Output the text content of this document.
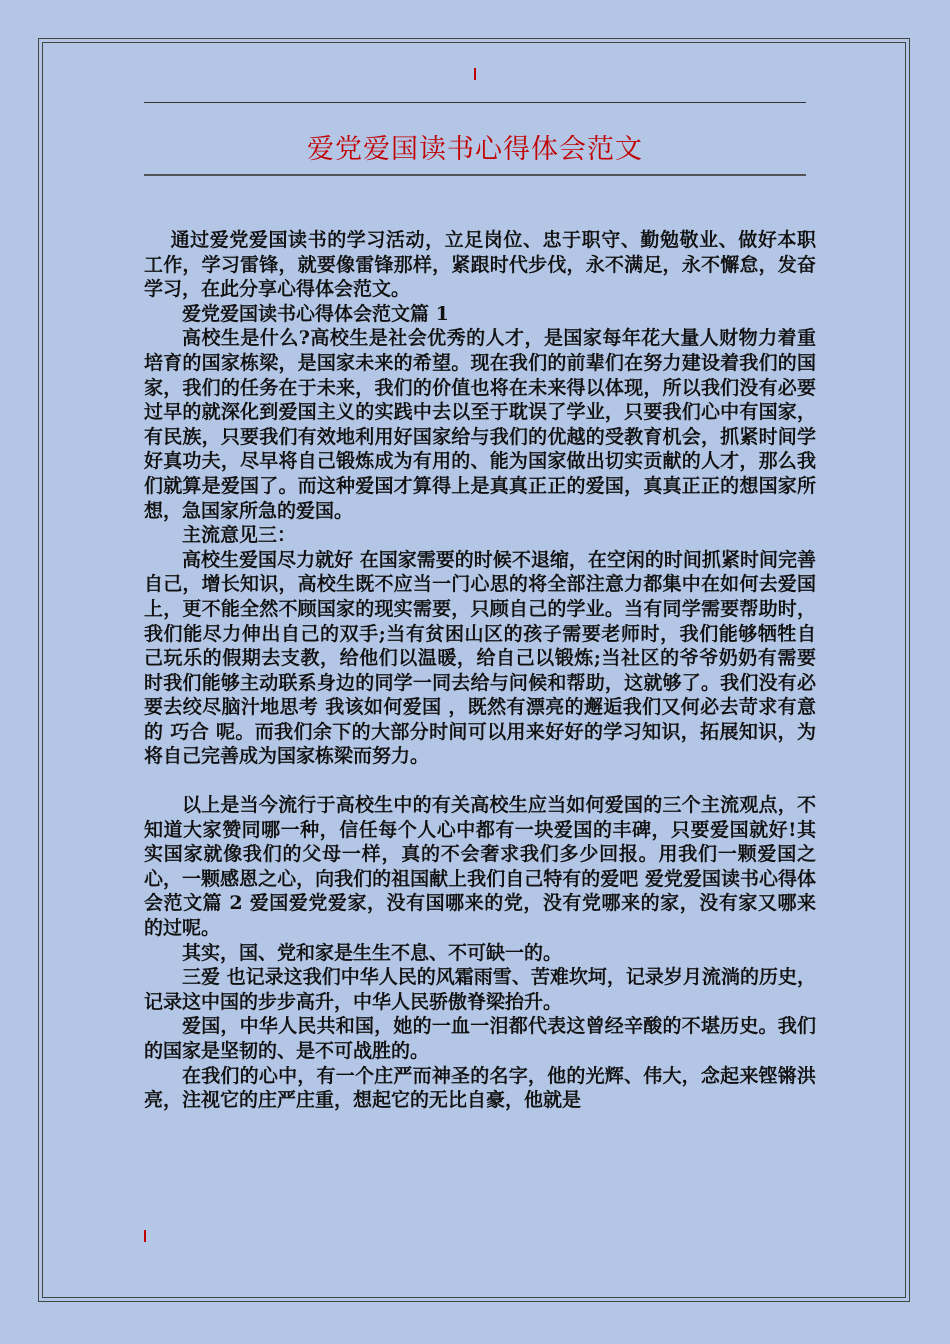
爱党爱国读书心得体会范文

通过爱党爱国读书的学习活动，立足岗位、忠于职守、勤勉敬业、做好本职工作，学习雷锋，就要像雷锋那样，紧跟时代步伐，永不满足，永不懈怠，发奋学习，在此分享心得体会范文。

爱党爱国读书心得体会范文篇 1

高校生是什么?高校生是社会优秀的人才，是国家每年花大量人财物力着重培育的国家栋梁，是国家未来的希望。现在我们的前辈们在努力建设着我们的国家，我们的任务在于未来，我们的价值也将在未来得以体现，所以我们没有必要过早的就深化到爱国主义的实践中去以至于耽误了学业，只要我们心中有国家，有民族，只要我们有效地利用好国家给与我们的优越的受教育机会，抓紧时间学好真功夫，尽早将自己锻炼成为有用的、能为国家做出切实贡献的人才，那么我们就算是爱国了。而这种爱国才算得上是真真正正的爱国，真真正正的想国家所想，急国家所急的爱国。

主流意见三：

高校生爱国尽力就好 在国家需要的时候不退缩，在空闲的时间抓紧时间完善自己，增长知识，高校生既不应当一门心思的将全部注意力都集中在如何去爱国上，更不能全然不顾国家的现实需要，只顾自己的学业。当有同学需要帮助时，我们能尽力伸出自己的双手;当有贫困山区的孩子需要老师时，我们能够牺牲自己玩乐的假期去支教，给他们以温暖，给自己以锻炼;当社区的爷爷奶奶有需要时我们能够主动联系身边的同学一同去给与问候和帮助，这就够了。我们没有必要去绞尽脑汁地思考 我该如何爱国 ，既然有漂亮的邂逅我们又何必去苛求有意的 巧合 呢。而我们余下的大部分时间可以用来好好的学习知识，拓展知识，为将自己完善成为国家栋梁而努力。

以上是当今流行于高校生中的有关高校生应当如何爱国的三个主流观点，不知道大家赞同哪一种，信任每个人心中都有一块爱国的丰碑，只要爱国就好!其实国家就像我们的父母一样，真的不会奢求我们多少回报。用我们一颗爱国之心，一颗感恩之心，向我们的祖国献上我们自己特有的爱吧 爱党爱国读书心得体会范文篇 2 爱国爱党爱家，没有国哪来的党，没有党哪来的家，没有家又哪来的过呢。

其实，国、党和家是生生不息、不可缺一的。

三爱 也记录这我们中华人民的风霜雨雪、苦难坎坷，记录岁月流淌的历史，记录这中国的步步高升，中华人民骄傲脊梁抬升。

爱国，中华人民共和国，她的一血一泪都代表这曾经辛酸的不堪历史。我们的国家是坚韧的、是不可战胜的。

在我们的心中，有一个庄严而神圣的名字，他的光辉、伟大，念起来铿锵洪亮，注视它的庄严庄重，想起它的无比自豪，他就是
